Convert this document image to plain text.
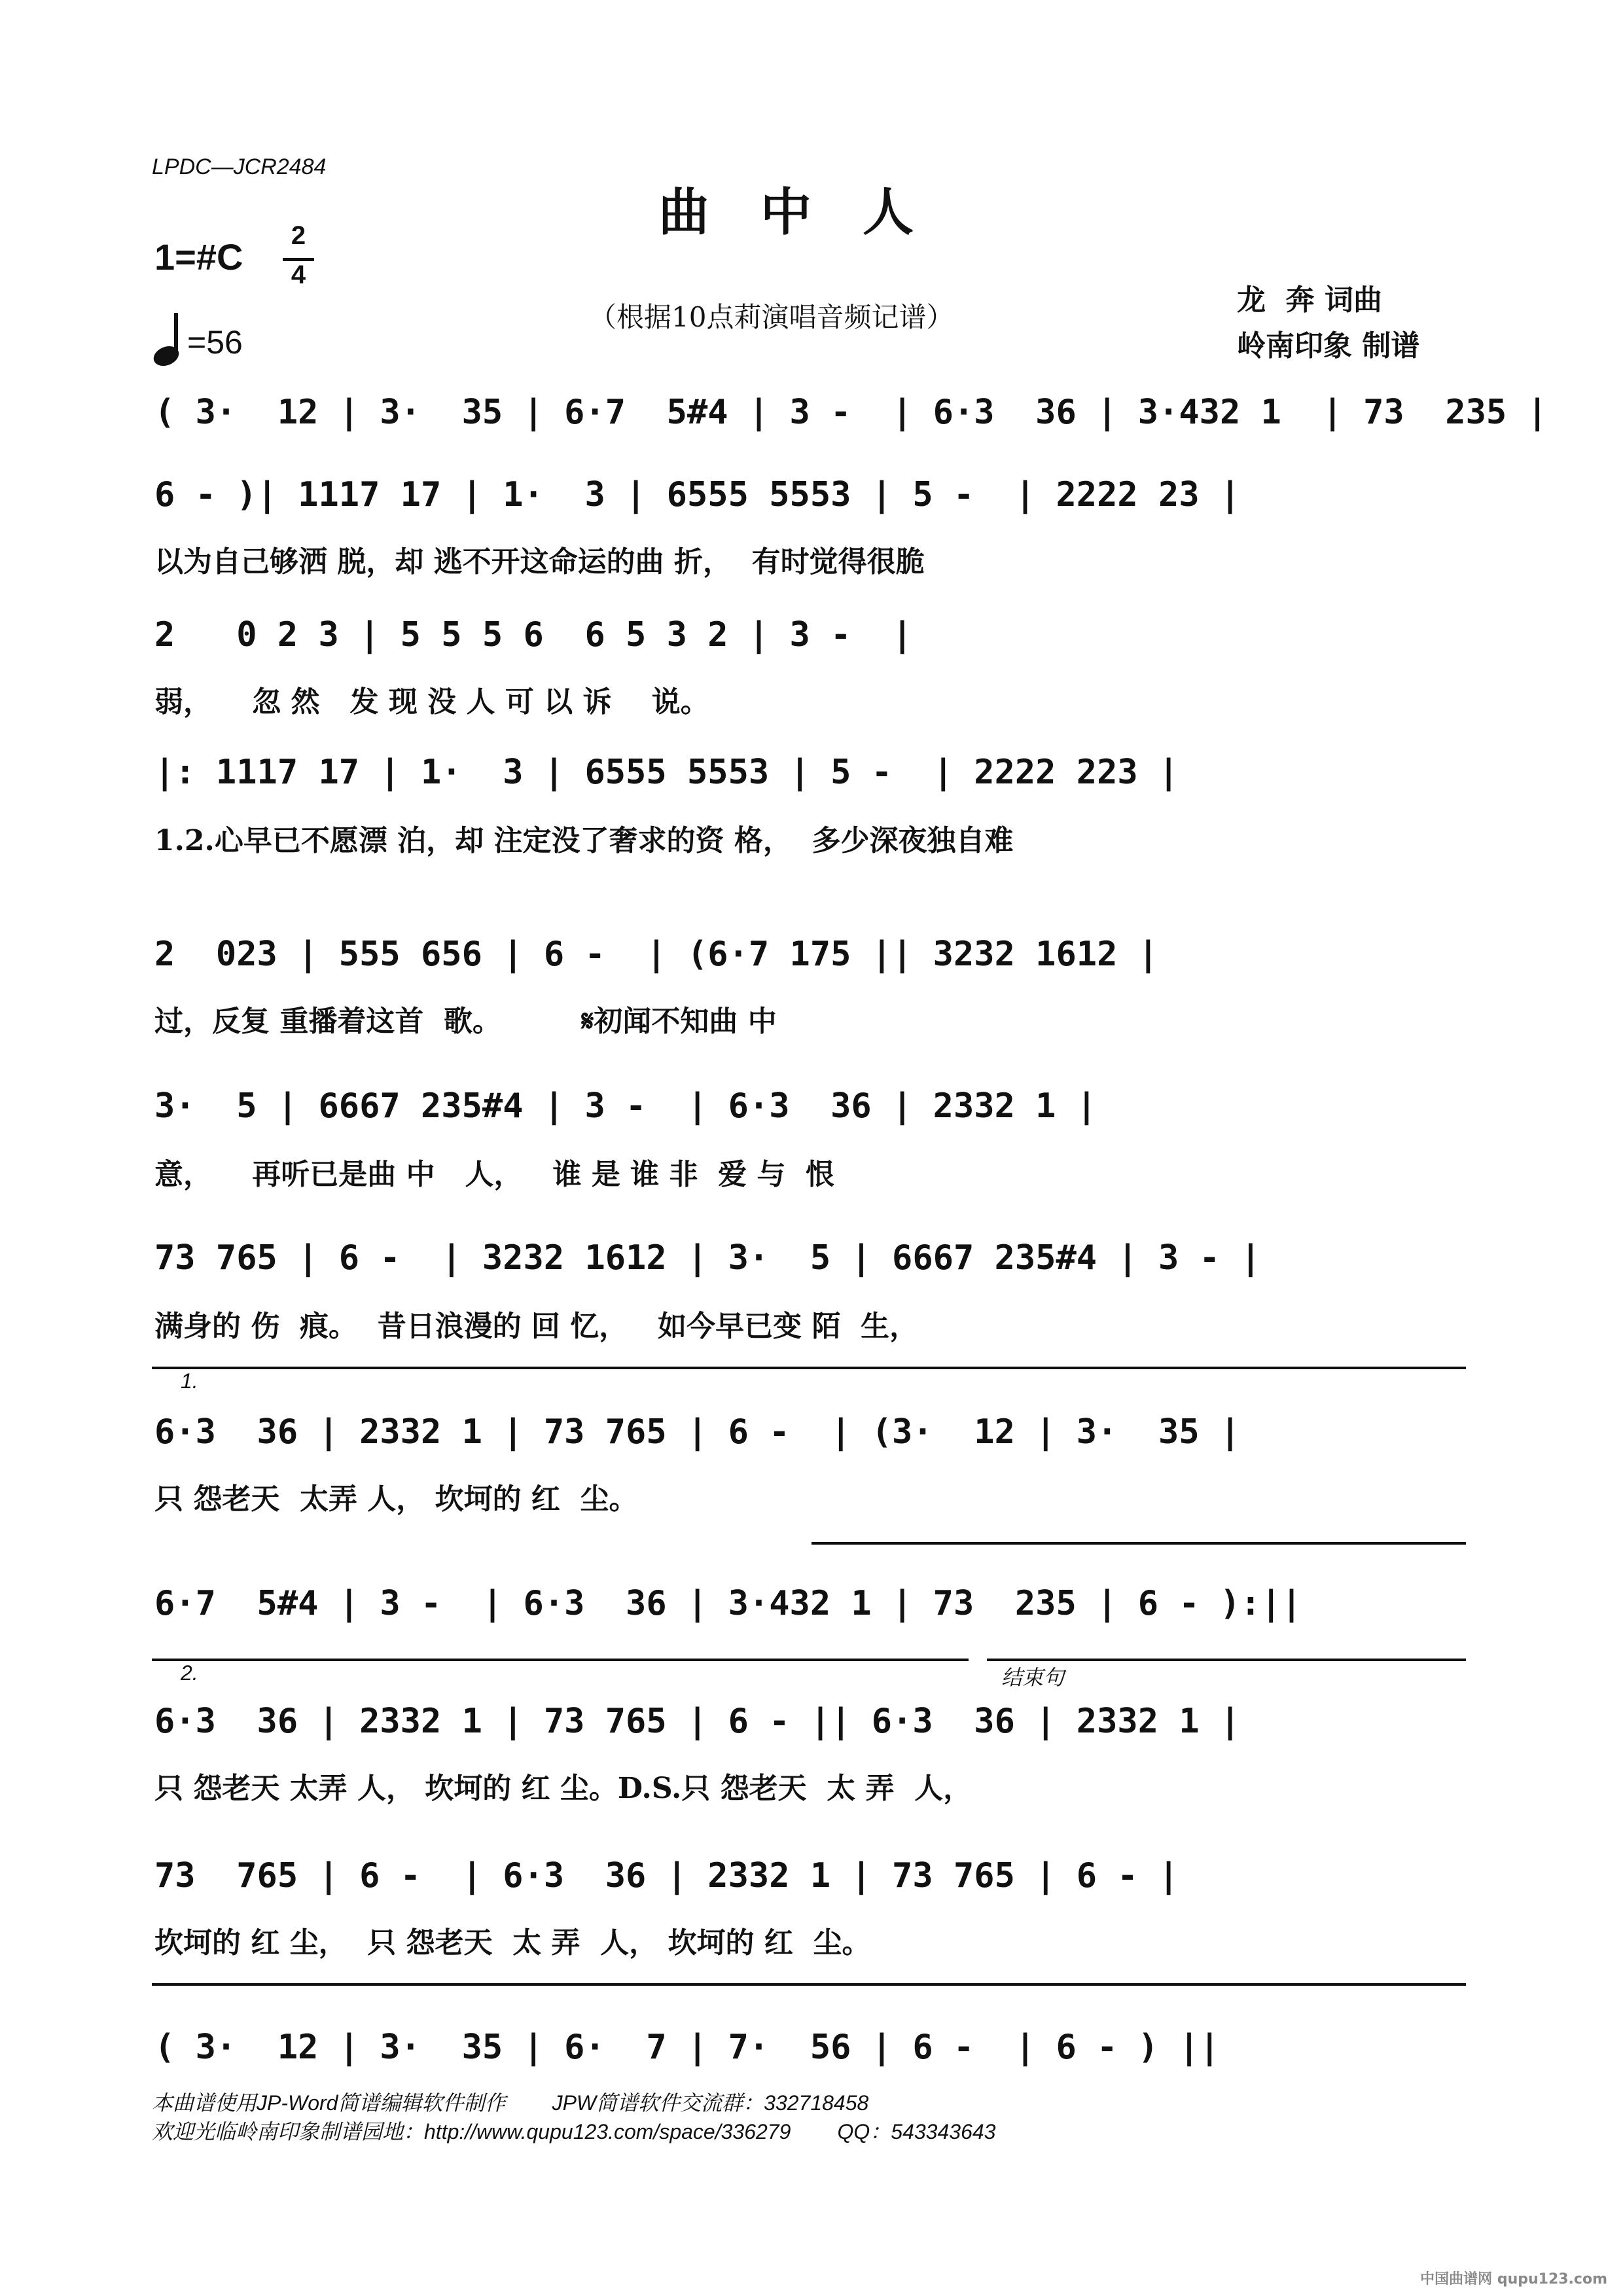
LPDC—JCR2484
曲中人
1=#C
2
4
=56
（根据10点莉演唱音频记谱）
龙  奔 词曲
岭南印象 制谱
( 3·  12 | 3·  35 | 6·7  5#4 | 3 -  | 6·3  36 | 3·432 1  | 73  235 |
6 - )| 1117 17 | 1·  3 | 6555 5553 | 5 -  | 2222 23 |
以为自己够洒 脱，却 逃不开这命运的曲 折，  有时觉得很脆
2   0 2 3 | 5 5 5 6  6 5 3 2 | 3 -  |
弱，    忽 然   发 现 没 人 可 以 诉    说。
|: 1117 17 | 1·  3 | 6555 5553 | 5 -  | 2222 223 |
1.2.心早已不愿漂 泊，却 注定没了奢求的资 格，  多少深夜独自难
2  023 | 555 656 | 6 -  | (6·7 175 || 3232 1612 |
过，反复 重播着这首  歌。        𝄋初闻不知曲 中
3·  5 | 6667 235#4 | 3 -  | 6·3  36 | 2332 1 |
意，    再听已是曲 中   人，   谁 是 谁 非  爱 与  恨
73 765 | 6 -  | 3232 1612 | 3·  5 | 6667 235#4 | 3 - |
满身的 伤  痕。  昔日浪漫的 回 忆，   如今早已变 陌  生，
1.
6·3  36 | 2332 1 | 73 765 | 6 -  | (3·  12 | 3·  35 |
只 怨老天  太弄 人， 坎坷的 红  尘。
6·7  5#4 | 3 -  | 6·3  36 | 3·432 1 | 73  235 | 6 - ):||
2.	结束句
6·3  36 | 2332 1 | 73 765 | 6 - || 6·3  36 | 2332 1 |
只 怨老天 太弄 人， 坎坷的 红 尘。D.S.只 怨老天  太 弄  人，
73  765 | 6 -  | 6·3  36 | 2332 1 | 73 765 | 6 - |
坎坷的 红 尘，  只 怨老天  太 弄  人， 坎坷的 红  尘。
( 3·  12 | 3·  35 | 6·  7 | 7·  56 | 6 -  | 6 - ) ||
本曲谱使用JP-Word简谱编辑软件制作        JPW简谱软件交流群：332718458
欢迎光临岭南印象制谱园地：http://www.qupu123.com/space/336279        QQ：543343643
中国曲谱网 qupu123.com
